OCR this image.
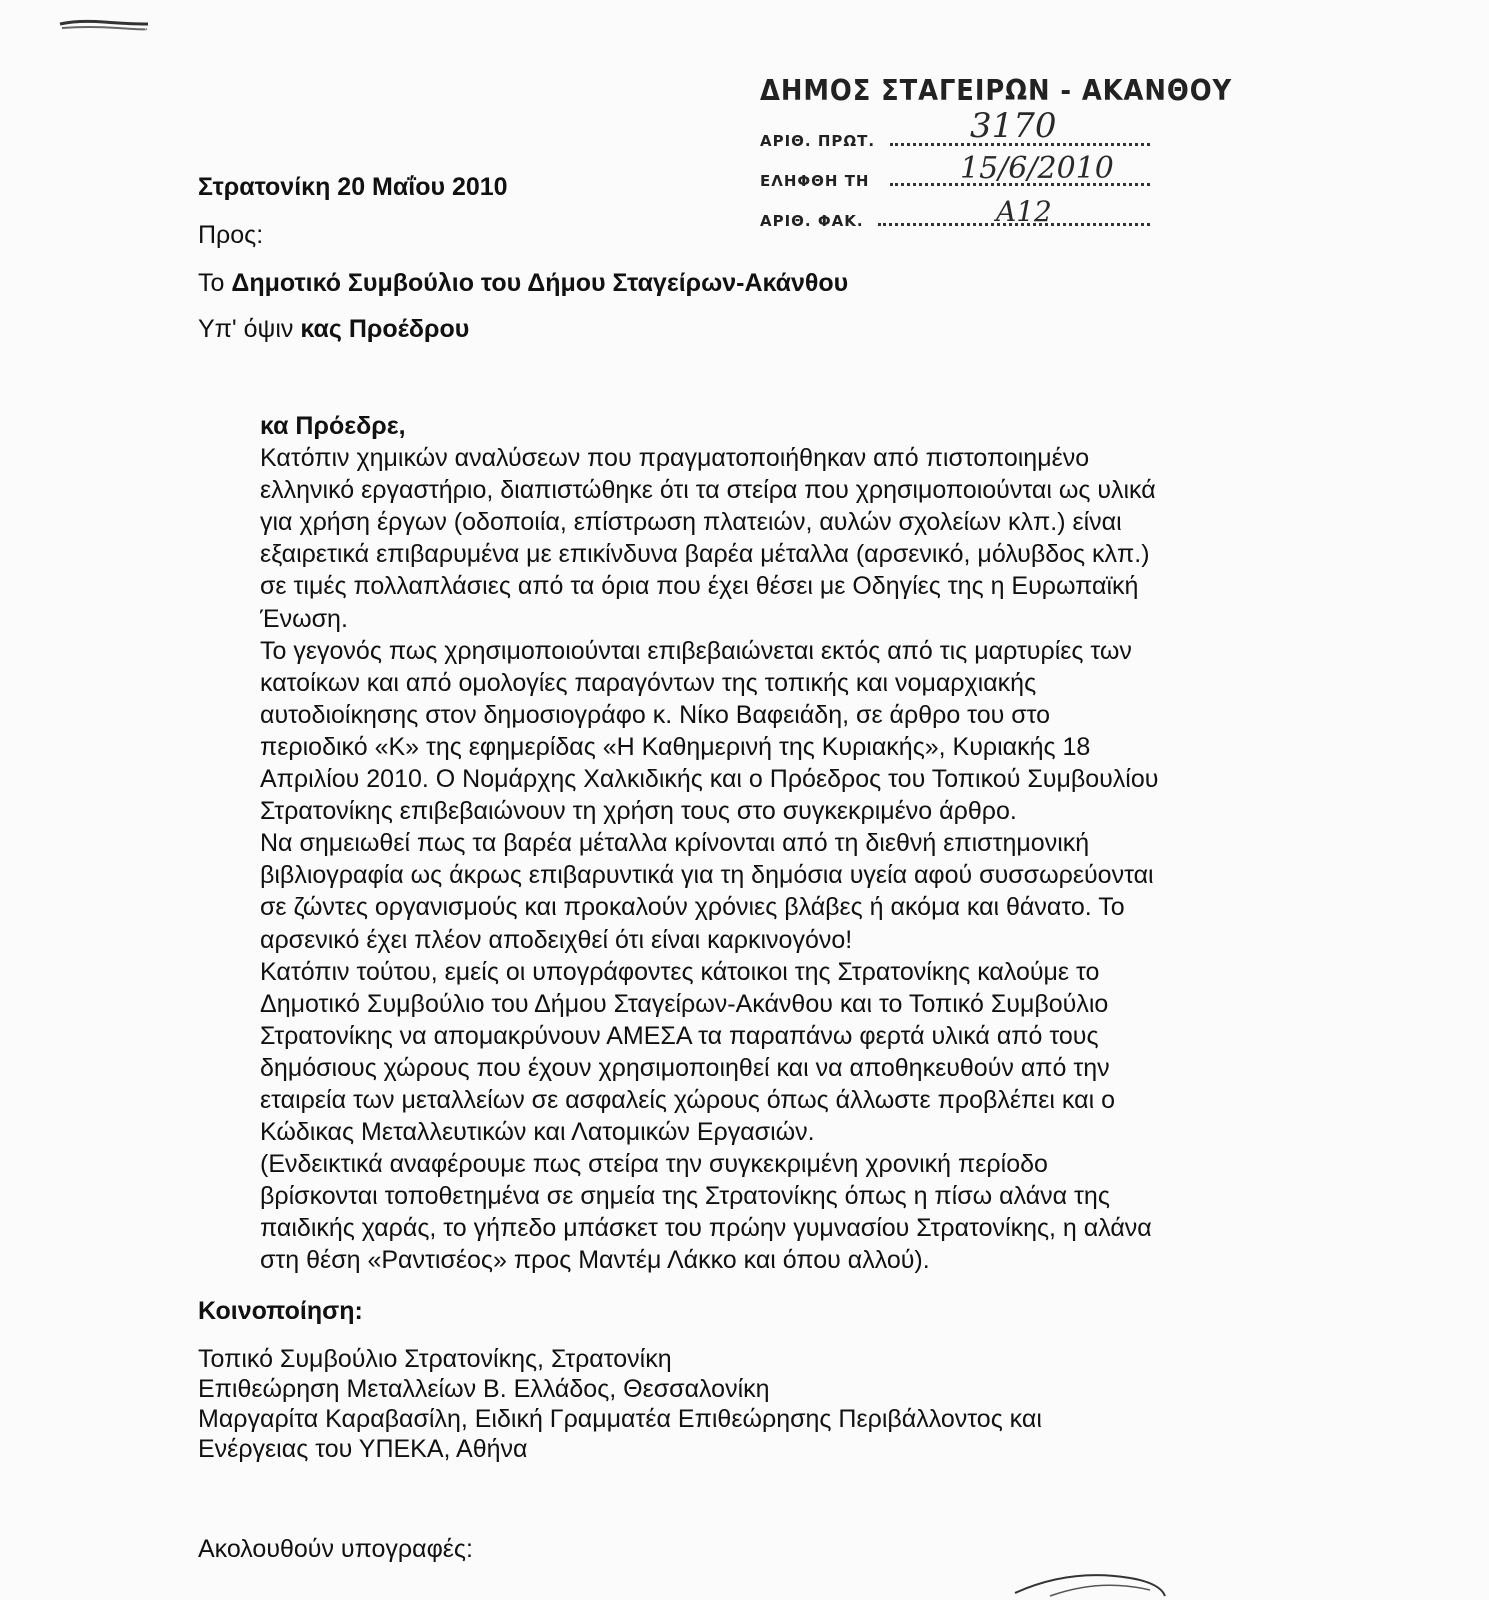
ΔΗΜΟΣ ΣΤΑΓΕΙΡΩΝ - ΑΚΑΝΘΟΥ
ΑΡΙΘ. ΠΡΩΤ.	3170
ΕΛΗΦΘΗ ΤΗ	15/6/2010
ΑΡΙΘ. ΦΑΚ.	Α12
Στρατονίκη 20 Μαΐου 2010
Προς:
Το Δημοτικό Συμβούλιο του Δήμου Σταγείρων-Ακάνθου
Υπ' όψιν κας Προέδρου
κα Πρόεδρε,
Κατόπιν χημικών αναλύσεων που πραγματοποιήθηκαν από πιστοποιημένο
ελληνικό εργαστήριο, διαπιστώθηκε ότι τα στείρα που χρησιμοποιούνται ως υλικά
για χρήση έργων (οδοποιία, επίστρωση πλατειών, αυλών σχολείων κλπ.) είναι
εξαιρετικά επιβαρυμένα με επικίνδυνα βαρέα μέταλλα (αρσενικό, μόλυβδος κλπ.)
σε τιμές πολλαπλάσιες από τα όρια που έχει θέσει με Οδηγίες της η Ευρωπαϊκή
Ένωση.
Το γεγονός πως χρησιμοποιούνται επιβεβαιώνεται εκτός από τις μαρτυρίες των
κατοίκων και από ομολογίες παραγόντων της τοπικής και νομαρχιακής
αυτοδιοίκησης στον δημοσιογράφο κ. Νίκο Βαφειάδη, σε άρθρο του στο
περιοδικό «Κ» της εφημερίδας «Η Καθημερινή της Κυριακής», Κυριακής 18
Απριλίου 2010. Ο Νομάρχης Χαλκιδικής και ο Πρόεδρος του Τοπικού Συμβουλίου
Στρατονίκης επιβεβαιώνουν τη χρήση τους στο συγκεκριμένο άρθρο.
Να σημειωθεί πως τα βαρέα μέταλλα κρίνονται από τη διεθνή επιστημονική
βιβλιογραφία ως άκρως επιβαρυντικά για τη δημόσια υγεία αφού συσσωρεύονται
σε ζώντες οργανισμούς και προκαλούν χρόνιες βλάβες ή ακόμα και θάνατο. Το
αρσενικό έχει πλέον αποδειχθεί ότι είναι καρκινογόνο!
Κατόπιν τούτου, εμείς οι υπογράφοντες κάτοικοι της Στρατονίκης καλούμε το
Δημοτικό Συμβούλιο του Δήμου Σταγείρων-Ακάνθου και το Τοπικό Συμβούλιο
Στρατονίκης να απομακρύνουν ΑΜΕΣΑ τα παραπάνω φερτά υλικά από τους
δημόσιους χώρους που έχουν χρησιμοποιηθεί και να αποθηκευθούν από την
εταιρεία των μεταλλείων σε ασφαλείς χώρους όπως άλλωστε προβλέπει και ο
Κώδικας Μεταλλευτικών και Λατομικών Εργασιών.
(Ενδεικτικά αναφέρουμε πως στείρα την συγκεκριμένη χρονική περίοδο
βρίσκονται τοποθετημένα σε σημεία της Στρατονίκης όπως η πίσω αλάνα της
παιδικής χαράς, το γήπεδο μπάσκετ του πρώην γυμνασίου Στρατονίκης, η αλάνα
στη θέση «Ραντισέος» προς Μαντέμ Λάκκο και όπου αλλού).
Κοινοποίηση:
Τοπικό Συμβούλιο Στρατονίκης, Στρατονίκη
Επιθεώρηση Μεταλλείων Β. Ελλάδος, Θεσσαλονίκη
Μαργαρίτα Καραβασίλη, Ειδική Γραμματέα Επιθεώρησης Περιβάλλοντος και
Ενέργειας του ΥΠΕΚΑ, Αθήνα
Ακολουθούν υπογραφές:
